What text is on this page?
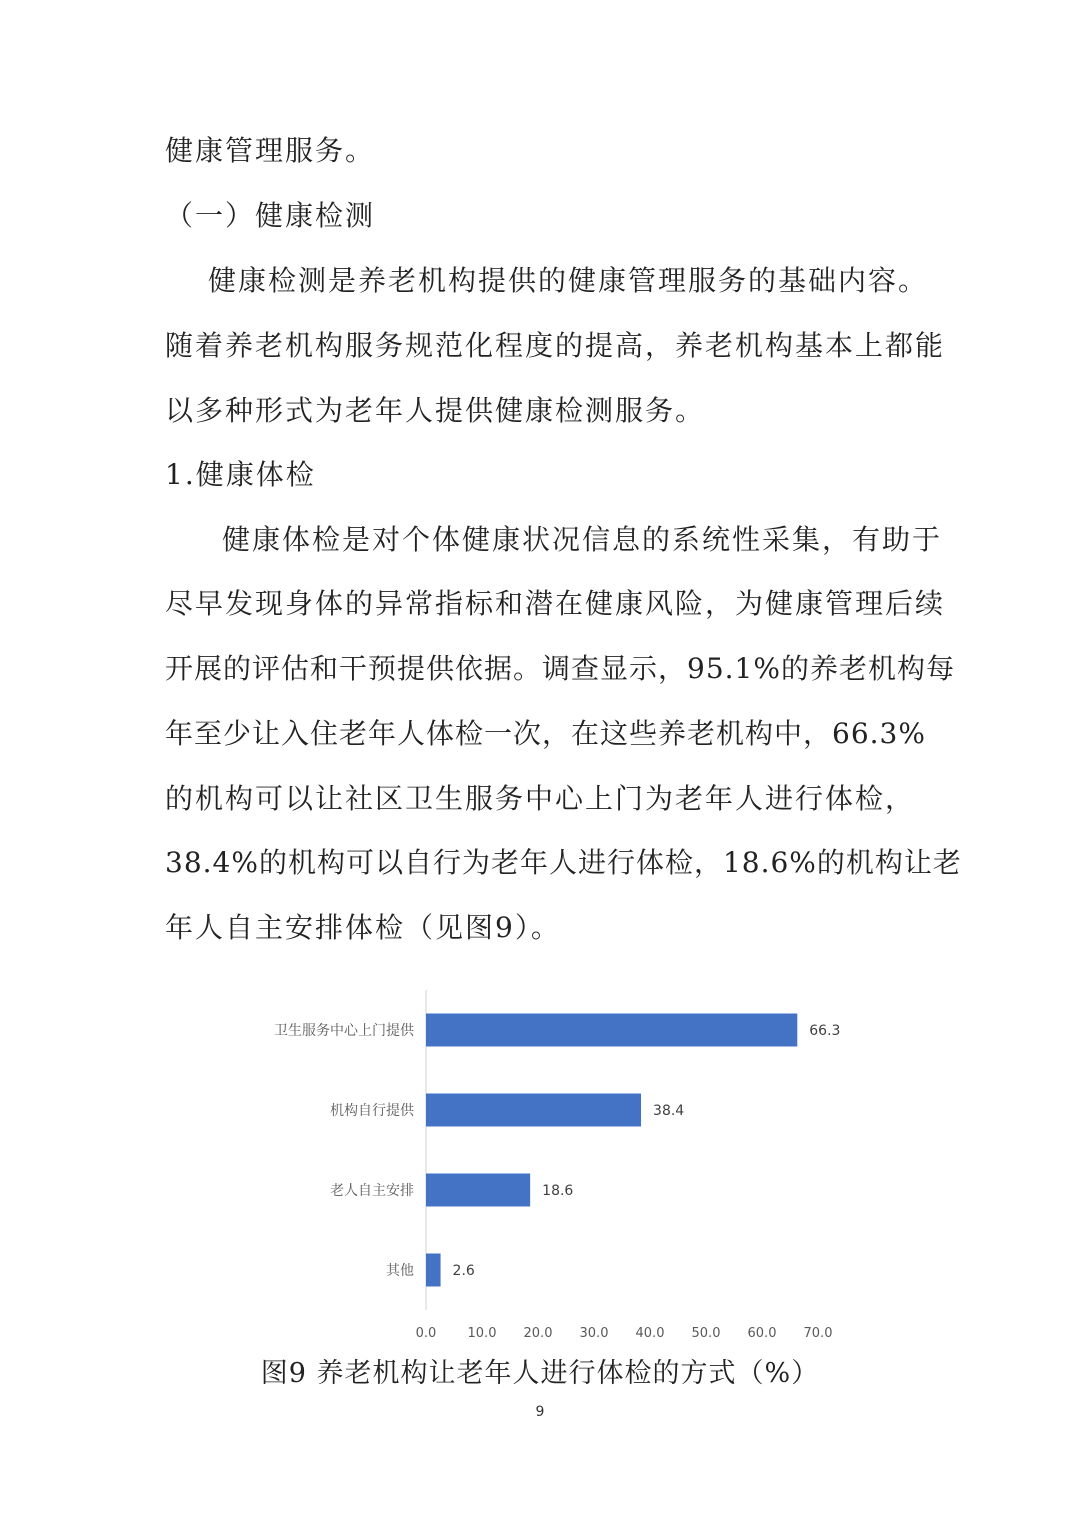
健康管理服务。
（一）健康检测
健康检测是养老机构提供的健康管理服务的基础内容。
随着养老机构服务规范化程度的提高，养老机构基本上都能
以多种形式为老年人提供健康检测服务。
1.健康体检
健康体检是对个体健康状况信息的系统性采集，有助于
尽早发现身体的异常指标和潜在健康风险，为健康管理后续
开展的评估和干预提供依据。调查显示，95.1%的养老机构每
年至少让入住老年人体检一次，在这些养老机构中，66.3%
的机构可以让社区卫生服务中心上门为老年人进行体检，
38.4%的机构可以自行为老年人进行体检，18.6%的机构让老
年人自主安排体检（见图9）。
卫生服务中心上门提供	66.3
机构自行提供	38.4
老人自主安排	18.6
其他	2.6
0.0 10.0 20.0 30.0 40.0 50.0 60.0 70.0
图9 养老机构让老年人进行体检的方式（%）
9
